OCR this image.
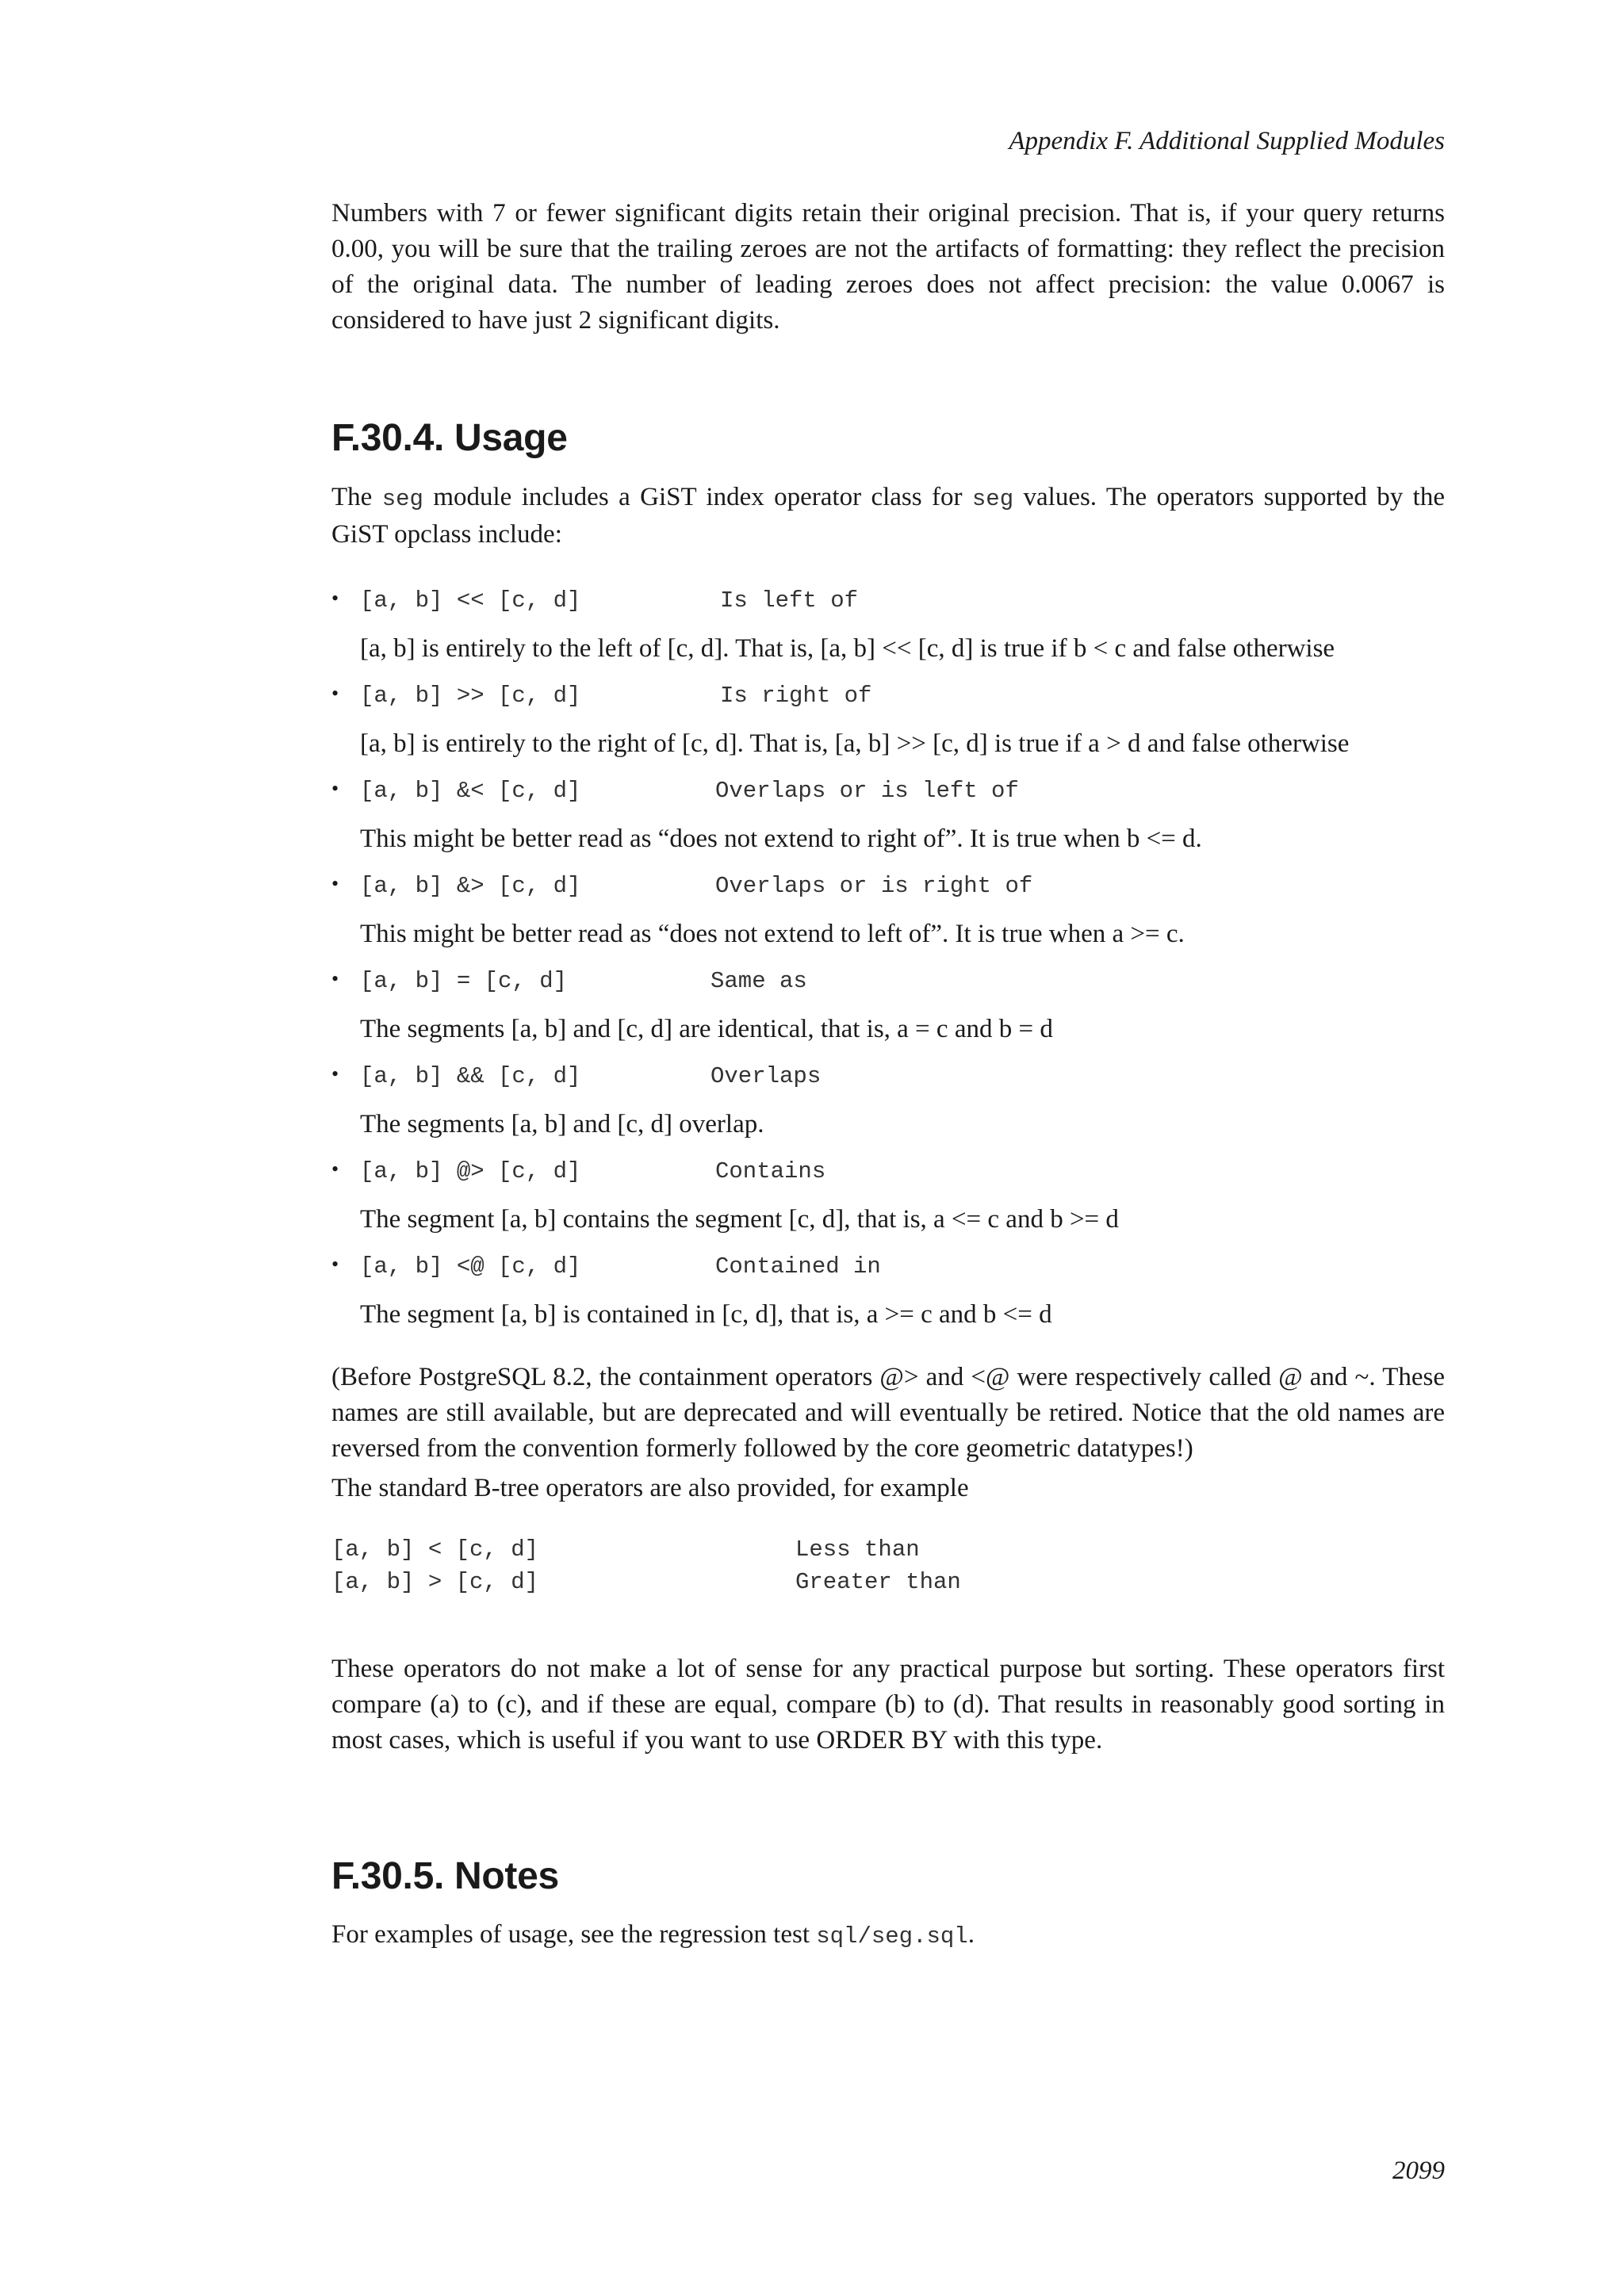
Appendix F. Additional Supplied Modules

Numbers with 7 or fewer significant digits retain their original precision. That is, if your query returns 0.00, you will be sure that the trailing zeroes are not the artifacts of formatting: they reflect the precision of the original data. The number of leading zeroes does not affect precision: the value 0.0067 is considered to have just 2 significant digits.

F.30.4. Usage

The seg module includes a GiST index operator class for seg values. The operators supported by the GiST opclass include:

• [a, b] << [c, d]	Is left of
[a, b] is entirely to the left of [c, d]. That is, [a, b] << [c, d] is true if b < c and false otherwise
• [a, b] >> [c, d]	Is right of
[a, b] is entirely to the right of [c, d]. That is, [a, b] >> [c, d] is true if a > d and false otherwise
• [a, b] &< [c, d]	Overlaps or is left of
This might be better read as “does not extend to right of”. It is true when b <= d.
• [a, b] &> [c, d]	Overlaps or is right of
This might be better read as “does not extend to left of”. It is true when a >= c.
• [a, b] = [c, d]	Same as
The segments [a, b] and [c, d] are identical, that is, a = c and b = d
• [a, b] && [c, d]	Overlaps
The segments [a, b] and [c, d] overlap.
• [a, b] @> [c, d]	Contains
The segment [a, b] contains the segment [c, d], that is, a <= c and b >= d
• [a, b] <@ [c, d]	Contained in
The segment [a, b] is contained in [c, d], that is, a >= c and b <= d

(Before PostgreSQL 8.2, the containment operators @> and <@ were respectively called @ and ~. These names are still available, but are deprecated and will eventually be retired. Notice that the old names are reversed from the convention formerly followed by the core geometric datatypes!)

The standard B-tree operators are also provided, for example

[a, b] < [c, d]	Less than
[a, b] > [c, d]	Greater than

These operators do not make a lot of sense for any practical purpose but sorting. These operators first compare (a) to (c), and if these are equal, compare (b) to (d). That results in reasonably good sorting in most cases, which is useful if you want to use ORDER BY with this type.

F.30.5. Notes

For examples of usage, see the regression test sql/seg.sql.

2099
